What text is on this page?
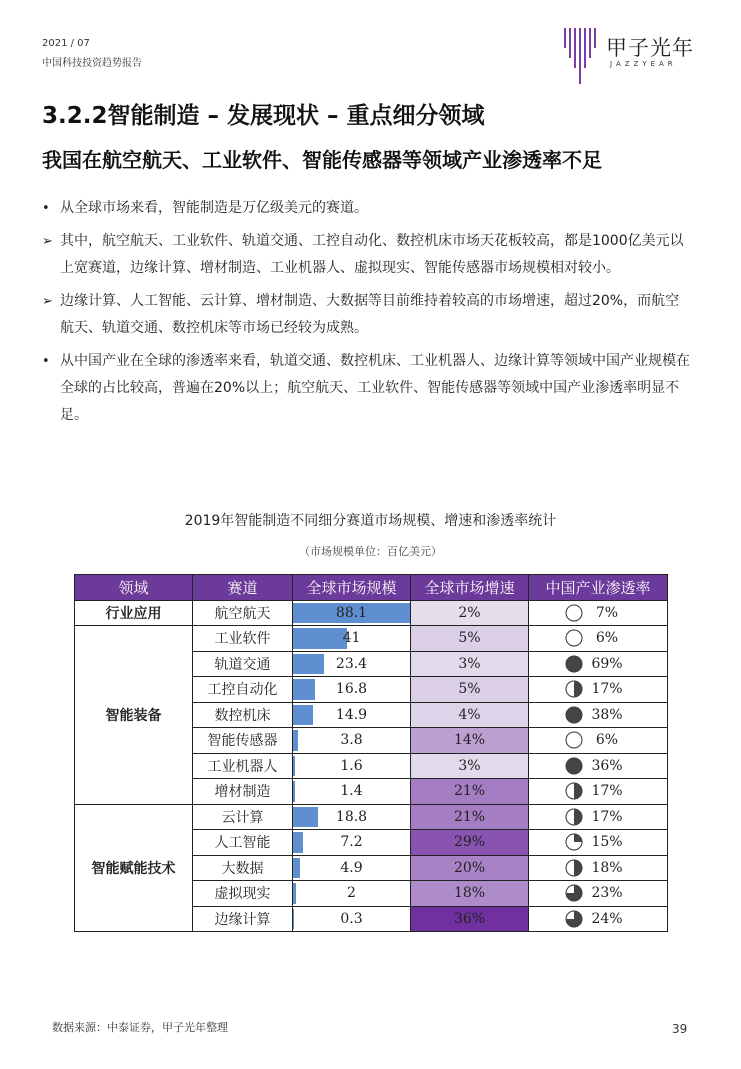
2021 / 07
中国科技投资趋势报告
甲子光年
JAZZYEAR
3.2.2智能制造 – 发展现状 – 重点细分领域
我国在航空航天、工业软件、智能传感器等领域产业渗透率不足
• 从全球市场来看，智能制造是万亿级美元的赛道。
➢ 其中，航空航天、工业软件、轨道交通、工控自动化、数控机床市场天花板较高，都是1000亿美元以上宽赛道，边缘计算、增材制造、工业机器人、虚拟现实、智能传感器市场规模相对较小。
➢ 边缘计算、人工智能、云计算、增材制造、大数据等目前维持着较高的市场增速，超过20%，而航空航天、轨道交通、数控机床等市场已经较为成熟。
• 从中国产业在全球的渗透率来看，轨道交通、数控机床、工业机器人、边缘计算等领域中国产业规模在全球的占比较高，普遍在20%以上；航空航天、工业软件、智能传感器等领域中国产业渗透率明显不足。
2019年智能制造不同细分赛道市场规模、增速和渗透率统计
（市场规模单位：百亿美元）
领域	赛道	全球市场规模	全球市场增速	中国产业渗透率
行业应用	航空航天	88.1	2%	7%
智能装备	工业软件	41	5%	6%
	轨道交通	23.4	3%	69%
	工控自动化	16.8	5%	17%
	数控机床	14.9	4%	38%
	智能传感器	3.8	14%	6%
	工业机器人	1.6	3%	36%
	增材制造	1.4	21%	17%
智能赋能技术	云计算	18.8	21%	17%
	人工智能	7.2	29%	15%
	大数据	4.9	20%	18%
	虚拟现实	2	18%	23%
	边缘计算	0.3	36%	24%
数据来源：中泰证券，甲子光年整理	39
